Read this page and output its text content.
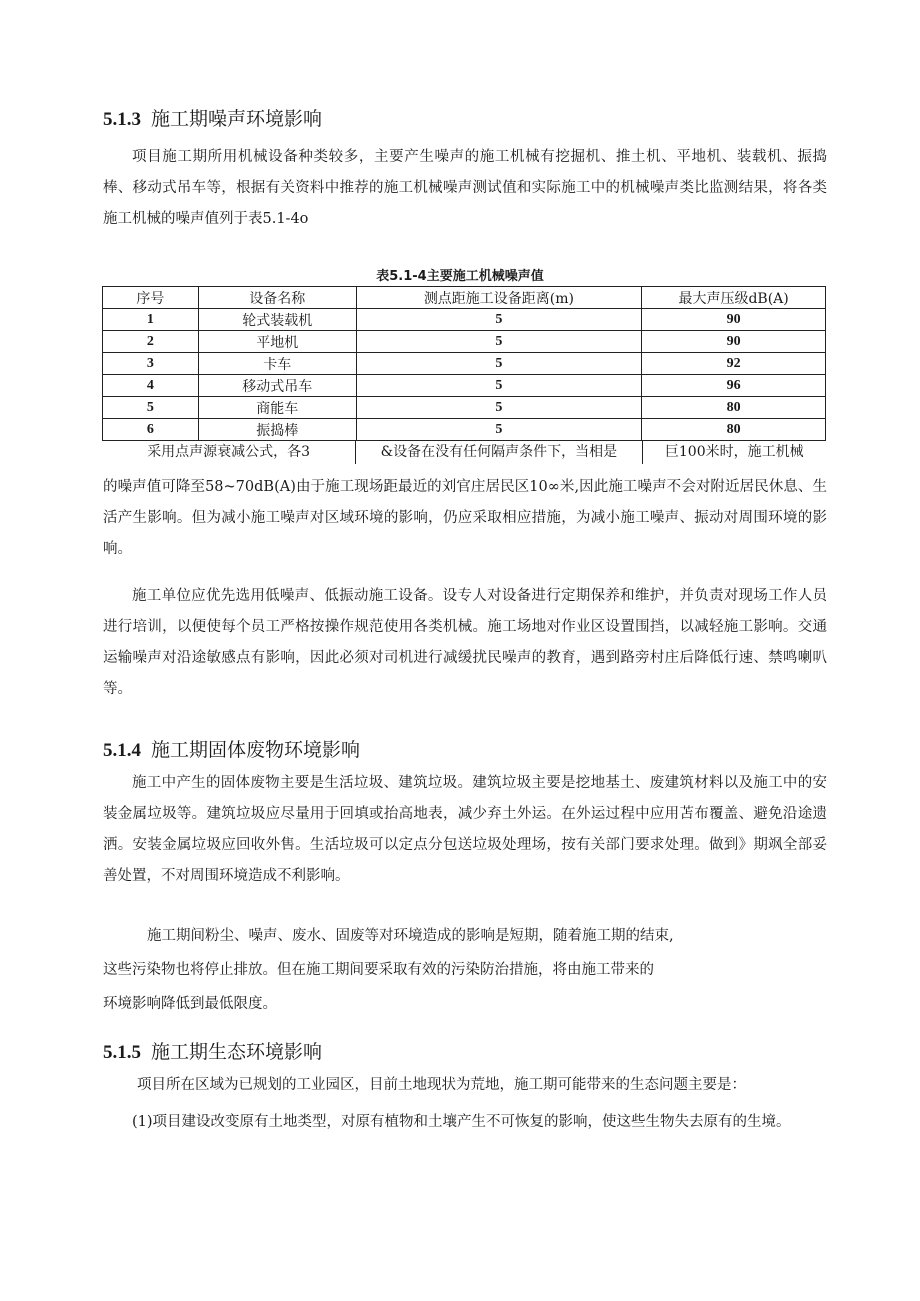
5.1.3 施工期噪声环境影响

项目施工期所用机械设备种类较多，主要产生噪声的施工机械有挖掘机、推土机、平地机、装载机、振捣棒、移动式吊车等，根据有关资料中推荐的施工机械噪声测试值和实际施工中的机械噪声类比监测结果，将各类施工机械的噪声值列于表5.1-4o

表5.1-4主要施工机械噪声值
序号	设备名称	测点距施工设备距离(m)	最大声压级dB(A)
1	轮式装载机	5	90
2	平地机	5	90
3	卡车	5	92
4	移动式吊车	5	96
5	商能车	5	80
6	振捣棒	5	80
采用点声源衰减公式，各3	&设备在没有任何隔声条件下，当相是	巨100米时，施工机械

的噪声值可降至58~70dB(A)由于施工现场距最近的刘官庄居民区10∞米,因此施工噪声不会对附近居民休息、生活产生影响。但为减小施工噪声对区域环境的影响，仍应采取相应措施，为减小施工噪声、振动对周围环境的影响。

施工单位应优先选用低噪声、低振动施工设备。设专人对设备进行定期保养和维护，并负责对现场工作人员进行培训，以便使每个员工严格按操作规范使用各类机械。施工场地对作业区设置围挡，以减轻施工影响。交通运输噪声对沿途敏感点有影响，因此必须对司机进行减缓扰民噪声的教育，遇到路旁村庄后降低行速、禁鸣喇叭等。

5.1.4 施工期固体废物环境影响

施工中产生的固体废物主要是生活垃圾、建筑垃圾。建筑垃圾主要是挖地基土、废建筑材料以及施工中的安装金属垃圾等。建筑垃圾应尽量用于回填或抬高地表，减少弃土外运。在外运过程中应用苫布覆盖、避免沿途遗洒。安装金属垃圾应回收外售。生活垃圾可以定点分包送垃圾处理场，按有关部门要求处理。做到》期飒全部妥善处置，不对周围环境造成不利影响。

施工期间粉尘、噪声、废水、固废等对环境造成的影响是短期，随着施工期的结束,
这些污染物也将停止排放。但在施工期间要采取有效的污染防治措施，将由施工带来的
环境影响降低到最低限度。
5.1.5 施工期生态环境影响
项目所在区域为已规划的工业园区，目前土地现状为荒地，施工期可能带来的生态问题主要是：

(1)项目建设改变原有土地类型，对原有植物和土壤产生不可恢复的影响，使这些生物失去原有的生境。
